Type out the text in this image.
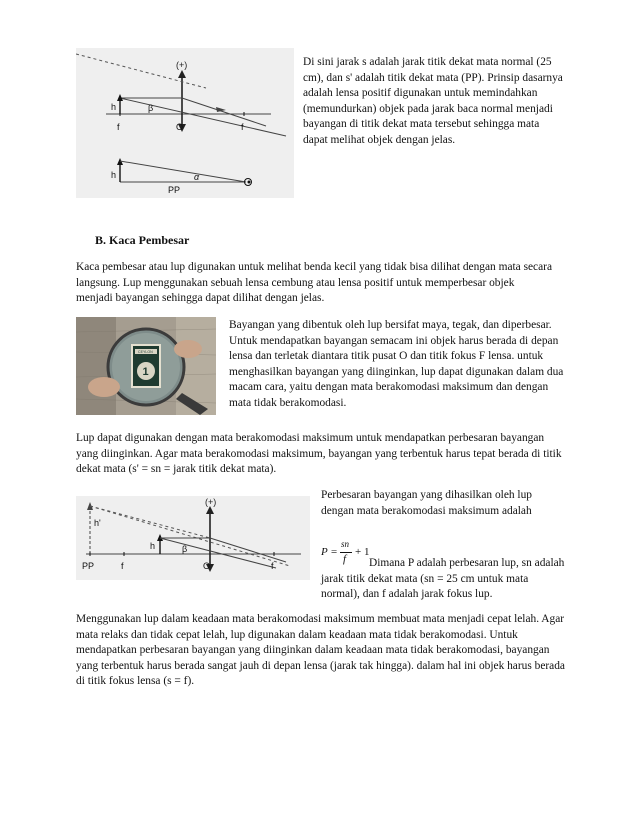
(+)
h	β
f	O	f
h	α
PP
Di sini jarak s adalah jarak titik dekat mata normal (25 cm), dan s' adalah titik dekat mata (PP). Prinsip dasarnya adalah lensa positif digunakan untuk memindahkan (memundurkan) objek pada jarak baca normal menjadi bayangan di titik dekat mata tersebut sehingga mata dapat melihat objek dengan jelas.
B. Kaca Pembesar
Kaca pembesar atau lup digunakan untuk melihat benda kecil yang tidak bisa dilihat dengan mata secara langsung. Lup menggunakan sebuah lensa cembung atau lensa positif untuk memperbesar objek menjadi bayangan sehingga dapat dilihat dengan jelas.
CEYLON
1
Bayangan yang dibentuk oleh lup bersifat maya, tegak, dan diperbesar. Untuk mendapatkan bayangan semacam ini objek harus berada di depan lensa dan terletak diantara titik pusat O dan titik fokus F lensa. untuk menghasilkan bayangan yang diinginkan, lup dapat digunakan dalam dua macam cara, yaitu dengan mata berakomodasi maksimum dan dengan mata tidak berakomodasi.
Lup dapat digunakan dengan mata berakomodasi maksimum untuk mendapatkan perbesaran bayangan yang diinginkan. Agar mata berakomodasi maksimum, bayangan yang terbentuk harus tepat berada di titik dekat mata (s' = sn = jarak titik dekat mata).
(+)
h'
h	β
PP	f	O	f
Perbesaran bayangan yang dihasilkan oleh lup dengan mata berakomodasi maksimum adalah
P =
sn
f
+ 1
Dimana P adalah perbesaran lup, sn adalah jarak titik dekat mata (sn = 25 cm untuk mata normal), dan f adalah jarak fokus lup.
Menggunakan lup dalam keadaan mata berakomodasi maksimum membuat mata menjadi cepat lelah. Agar mata relaks dan tidak cepat lelah, lup digunakan dalam keadaan mata tidak berakomodasi. Untuk mendapatkan perbesaran bayangan yang diinginkan dalam keadaan mata tidak berakomodasi, bayangan yang terbentuk harus berada sangat jauh di depan lensa (jarak tak hingga). dalam hal ini objek harus berada di titik fokus lensa (s = f).
